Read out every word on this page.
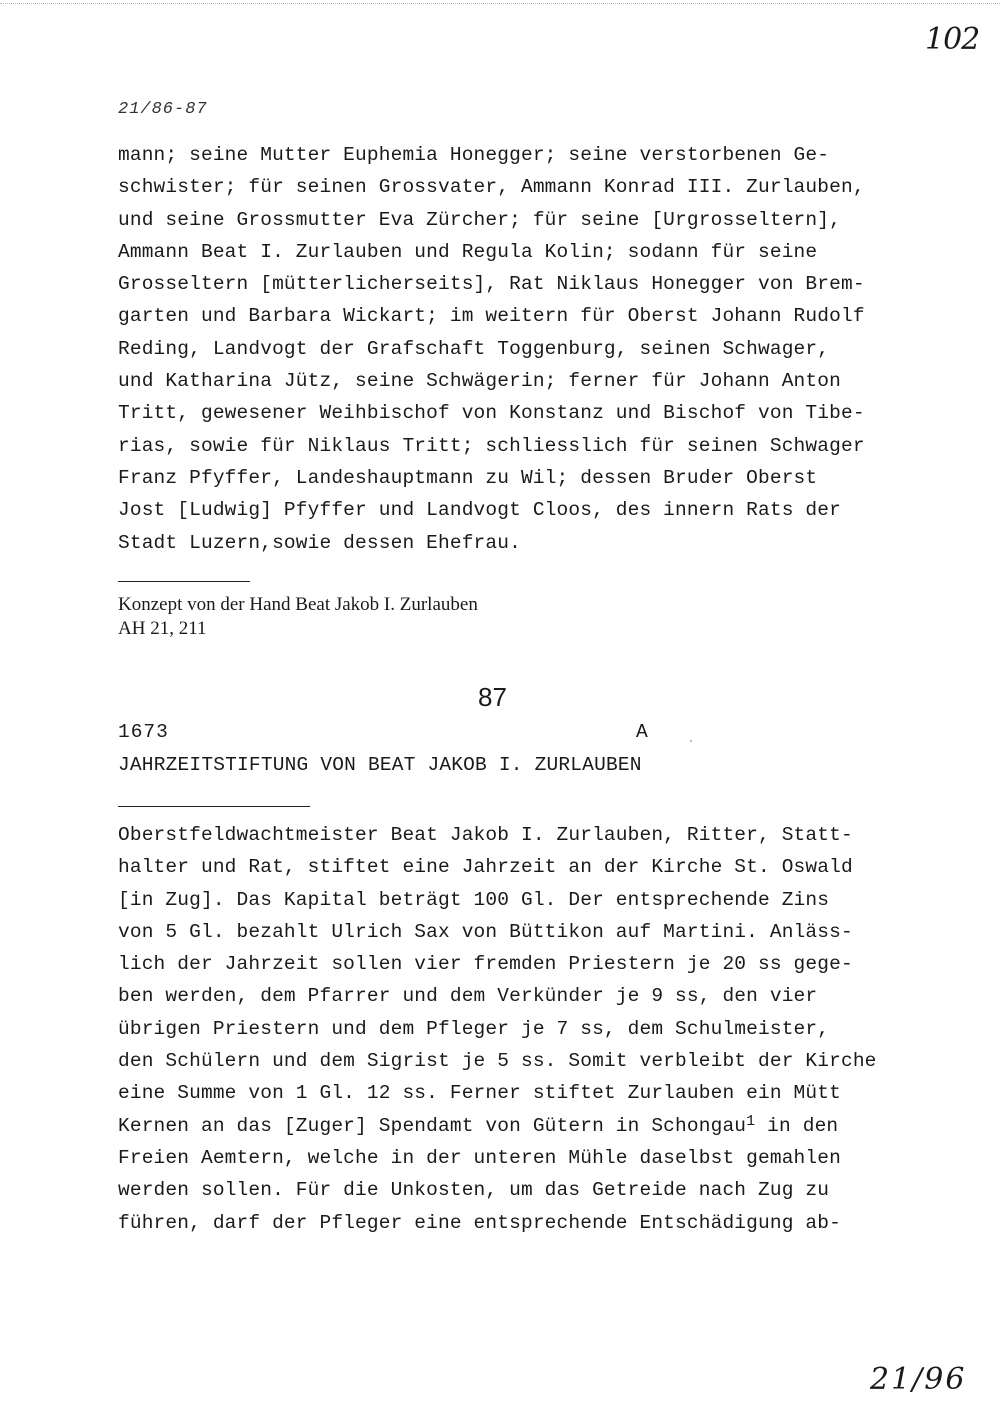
102
21/86-87
mann; seine Mutter Euphemia Honegger; seine verstorbenen Ge-
schwister; für seinen Grossvater, Ammann Konrad III. Zurlauben,
und seine Grossmutter Eva Zürcher; für seine [Urgrosseltern],
Ammann Beat I. Zurlauben und Regula Kolin; sodann für seine
Grosseltern [mütterlicherseits], Rat Niklaus Honegger von Brem-
garten und Barbara Wickart; im weitern für Oberst Johann Rudolf
Reding, Landvogt der Grafschaft Toggenburg, seinen Schwager,
und Katharina Jütz, seine Schwägerin; ferner für Johann Anton
Tritt, gewesener Weihbischof von Konstanz und Bischof von Tibe-
rias, sowie für Niklaus Tritt; schliesslich für seinen Schwager
Franz Pfyffer, Landeshauptmann zu Wil; dessen Bruder Oberst
Jost [Ludwig] Pfyffer und Landvogt Cloos, des innern Rats der
Stadt Luzern,sowie dessen Ehefrau.
Konzept von der Hand Beat Jakob I. Zurlauben
AH 21, 211
87
1673	A
JAHRZEITSTIFTUNG VON BEAT JAKOB I. ZURLAUBEN
Oberstfeldwachtmeister Beat Jakob I. Zurlauben, Ritter, Statt-
halter und Rat, stiftet eine Jahrzeit an der Kirche St. Oswald
[in Zug]. Das Kapital beträgt 100 Gl. Der entsprechende Zins
von 5 Gl. bezahlt Ulrich Sax von Büttikon auf Martini. Anläss-
lich der Jahrzeit sollen vier fremden Priestern je 20 ss gege-
ben werden, dem Pfarrer und dem Verkünder je 9 ss, den vier
übrigen Priestern und dem Pfleger je 7 ss, dem Schulmeister,
den Schülern und dem Sigrist je 5 ss. Somit verbleibt der Kirche
eine Summe von 1 Gl. 12 ss. Ferner stiftet Zurlauben ein Mütt
Kernen an das [Zuger] Spendamt von Gütern in Schongau$^1$ in den
Freien Aemtern, welche in der unteren Mühle daselbst gemahlen
werden sollen. Für die Unkosten, um das Getreide nach Zug zu
führen, darf der Pfleger eine entsprechende Entschädigung ab-
21/96
